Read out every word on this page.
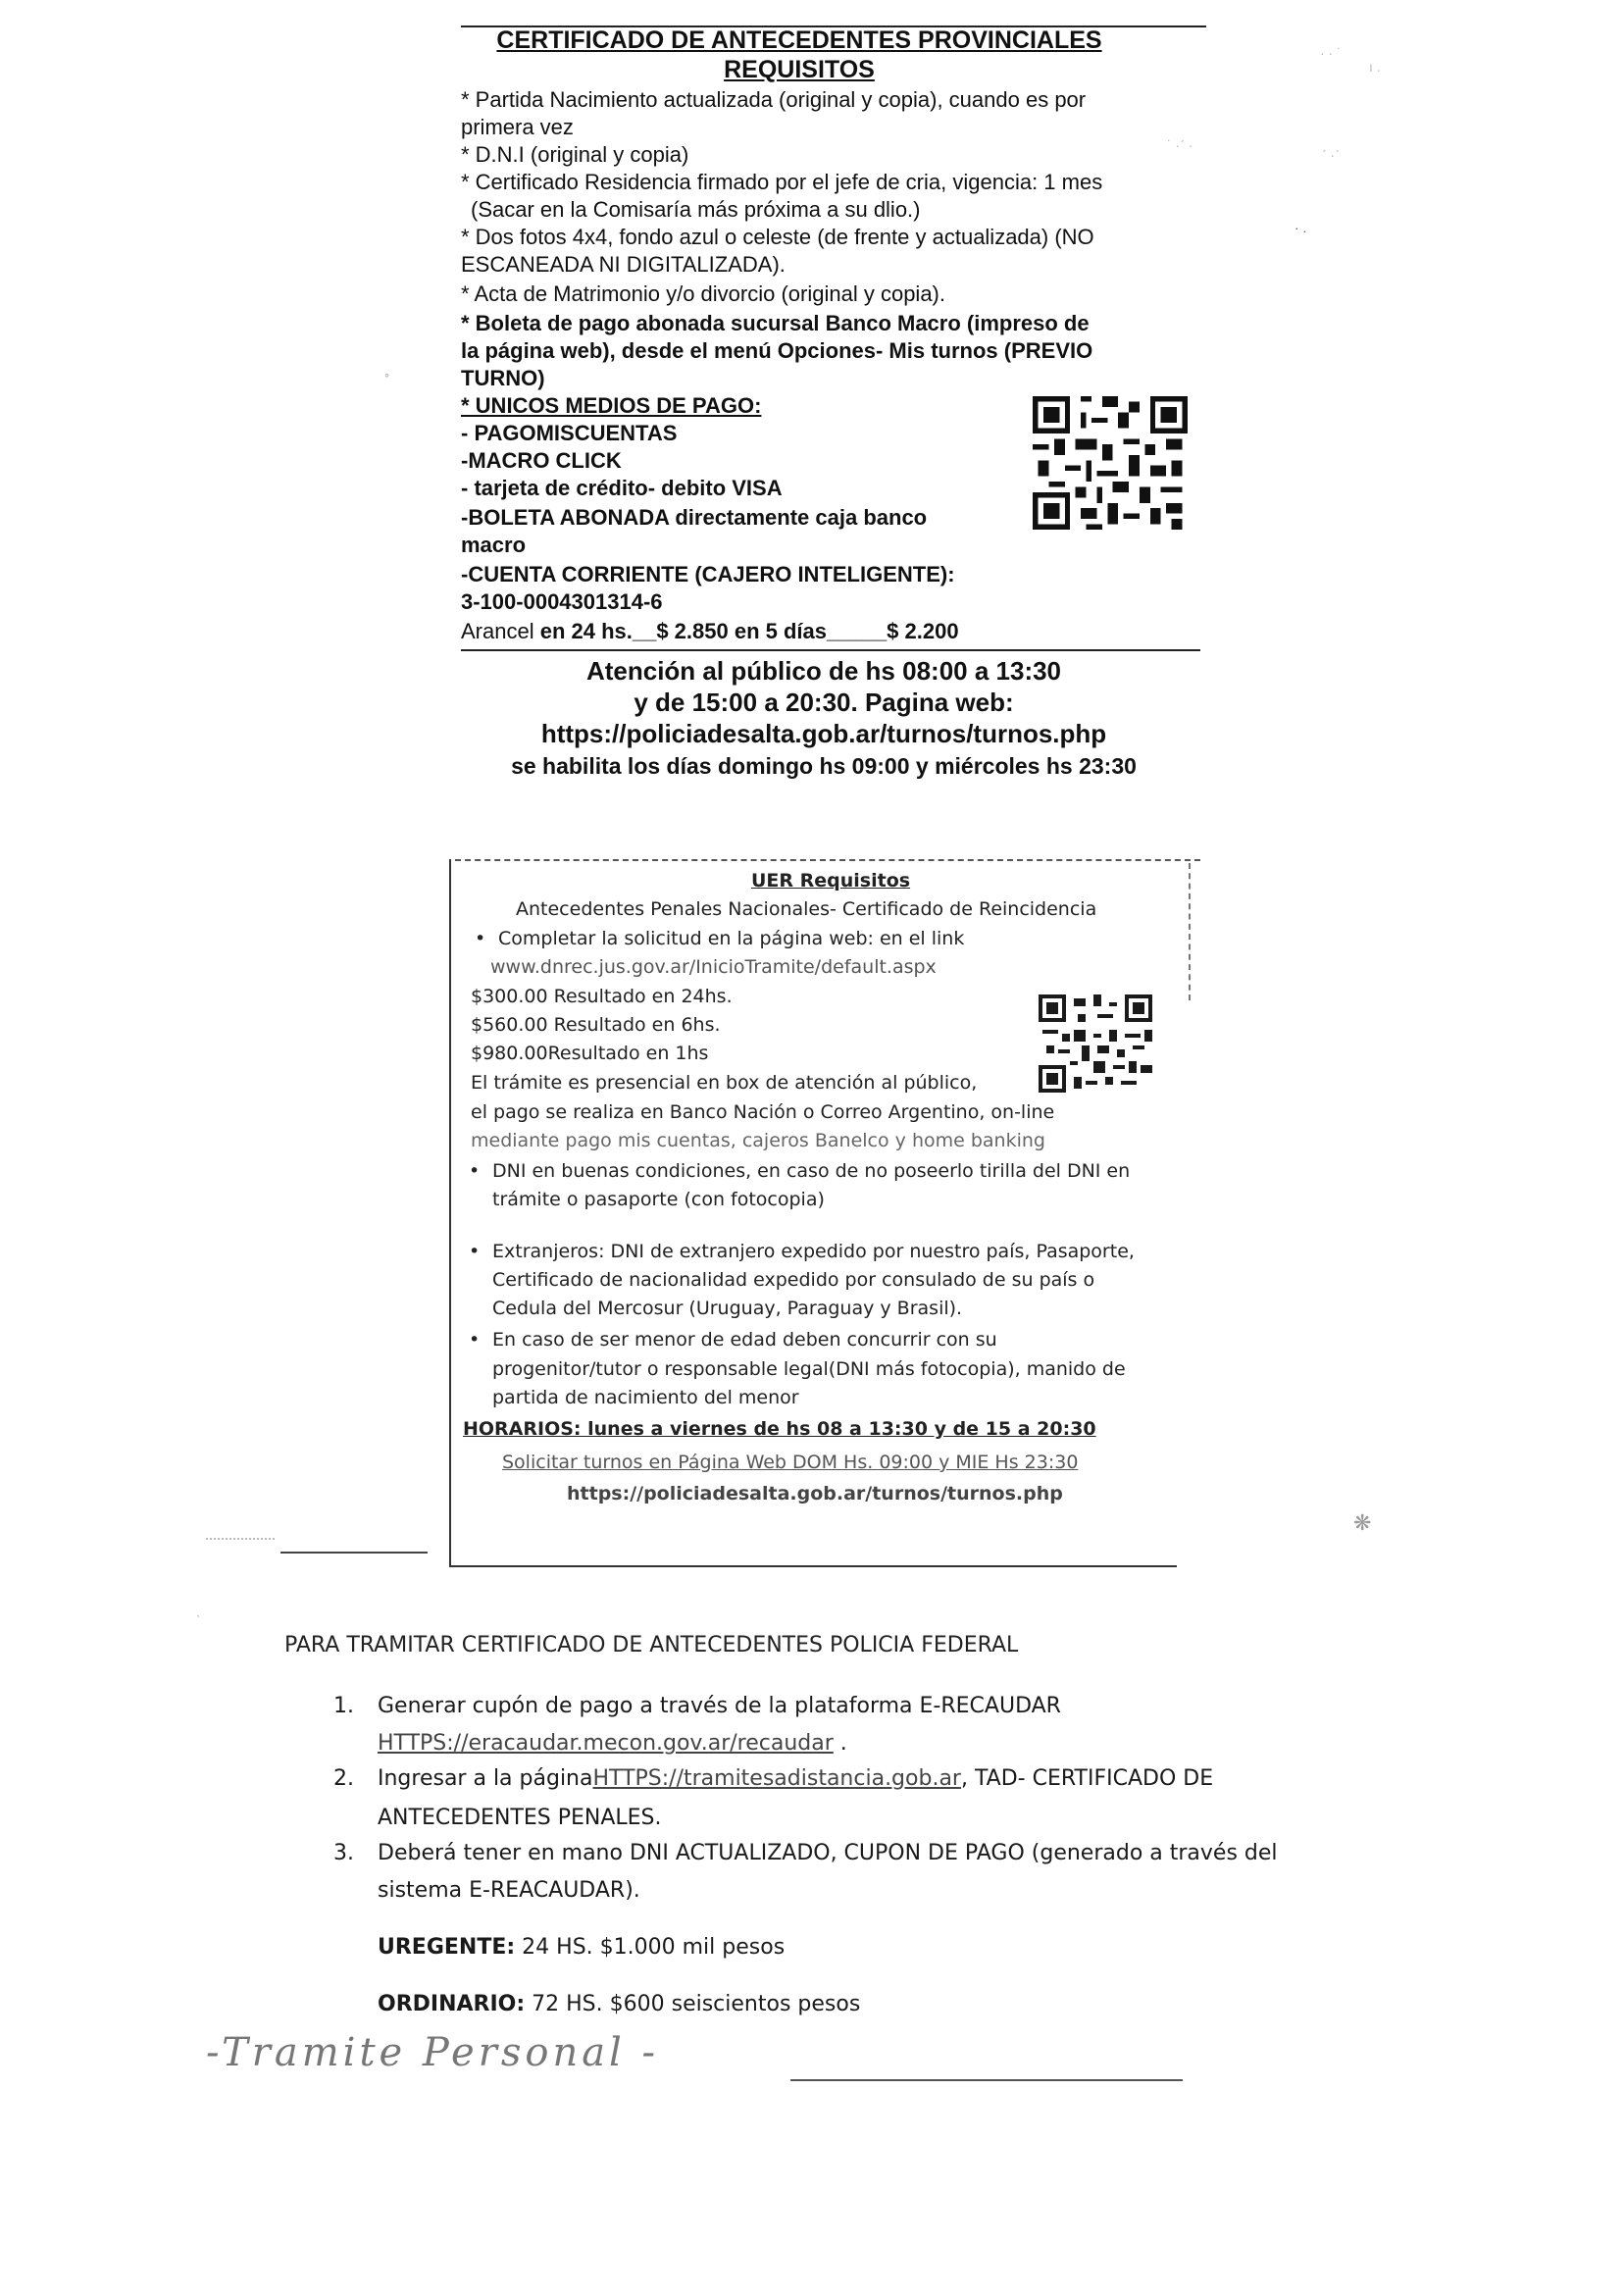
CERTIFICADO DE ANTECEDENTES PROVINCIALES
REQUISITOS
* Partida Nacimiento actualizada (original y copia), cuando es por
primera vez
* D.N.I (original y copia)
* Certificado Residencia firmado por el jefe de cria, vigencia: 1 mes
(Sacar en la Comisaría más próxima a su dlio.)
* Dos fotos 4x4, fondo azul o celeste (de frente y actualizada) (NO
ESCANEADA NI DIGITALIZADA).
* Acta de Matrimonio y/o divorcio (original y copia).
* Boleta de pago abonada sucursal Banco Macro (impreso de
la página web), desde el menú Opciones- Mis turnos (PREVIO
TURNO)
* UNICOS MEDIOS DE PAGO:
- PAGOMISCUENTAS
-MACRO CLICK
- tarjeta de crédito- debito VISA
-BOLETA ABONADA directamente caja banco
macro
-CUENTA CORRIENTE (CAJERO INTELIGENTE):
3-100-0004301314-6
Arancel en 24 hs.__$ 2.850 en 5 días_____$ 2.200
Atención al público de hs 08:00 a 13:30
y de 15:00 a 20:30. Pagina web:
https://policiadesalta.gob.ar/turnos/turnos.php
se habilita los días domingo hs 09:00 y miércoles hs 23:30
UER Requisitos
Antecedentes Penales Nacionales- Certificado de Reincidencia
• Completar la solicitud en la página web: en el link
www.dnrec.jus.gov.ar/InicioTramite/default.aspx
$300.00 Resultado en 24hs.
$560.00 Resultado en 6hs.
$980.00Resultado en 1hs
El trámite es presencial en box de atención al público,
el pago se realiza en Banco Nación o Correo Argentino, on-line
mediante pago mis cuentas, cajeros Banelco y home banking
• DNI en buenas condiciones, en caso de no poseerlo tirilla del DNI en
trámite o pasaporte (con fotocopia)
• Extranjeros: DNI de extranjero expedido por nuestro país, Pasaporte,
Certificado de nacionalidad expedido por consulado de su país o
Cedula del Mercosur (Uruguay, Paraguay y Brasil).
• En caso de ser menor de edad deben concurrir con su
progenitor/tutor o responsable legal(DNI más fotocopia), manido de
partida de nacimiento del menor
HORARIOS: lunes a viernes de hs 08 a 13:30 y de 15 a 20:30
Solicitar turnos en Página Web DOM Hs. 09:00 y MIE Hs 23:30
https://policiadesalta.gob.ar/turnos/turnos.php
PARA TRAMITAR CERTIFICADO DE ANTECEDENTES POLICIA FEDERAL
1. Generar cupón de pago a través de la plataforma E-RECAUDAR
HTTPS://eracaudar.mecon.gov.ar/recaudar .
2. Ingresar a la páginaHTTPS://tramitesadistancia.gob.ar, TAD- CERTIFICADO DE
ANTECEDENTES PENALES.
3. Deberá tener en mano DNI ACTUALIZADO, CUPON DE PAGO (generado a través del
sistema E-REACAUDAR).
UREGENTE: 24 HS. $1.000 mil pesos
ORDINARIO: 72 HS. $600 seiscientos pesos
-Tramite Personal -
· · ˙
ı .
˙ ·ˊ ·
ˊ ·ˊ
· .
◦
❋
ˋ
